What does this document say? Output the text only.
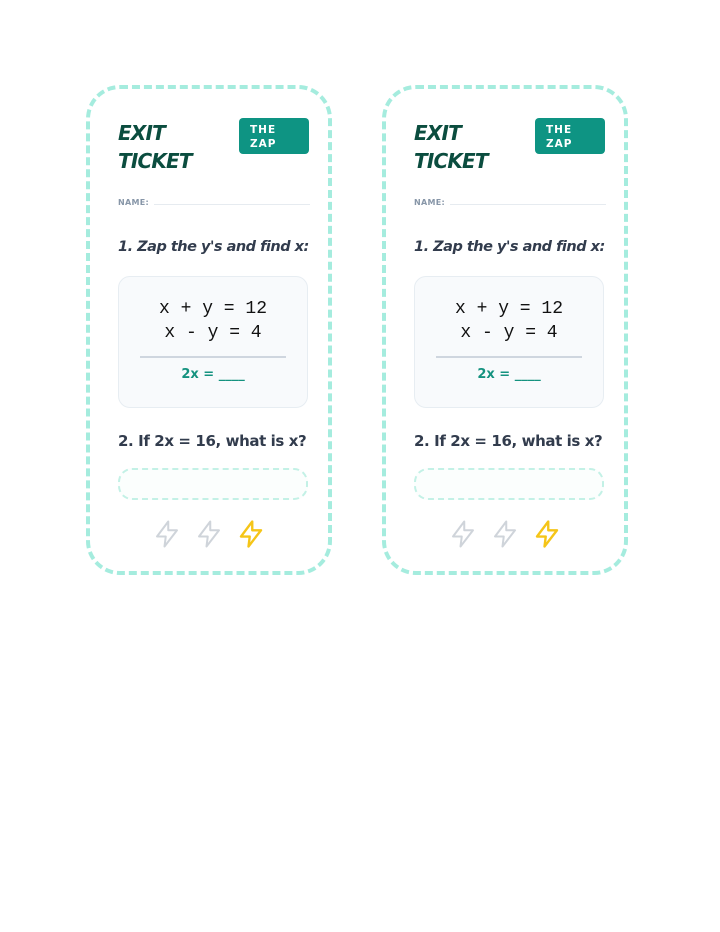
EXIT
TICKET
THE
ZAP
NAME:

1. Zap the y's and find x:

x + y = 12
x - y = 4
2x = ____

2. If 2x = 16, what is x?

EXIT
TICKET
THE
ZAP
NAME:

1. Zap the y's and find x:

x + y = 12
x - y = 4
2x = ____

2. If 2x = 16, what is x?
